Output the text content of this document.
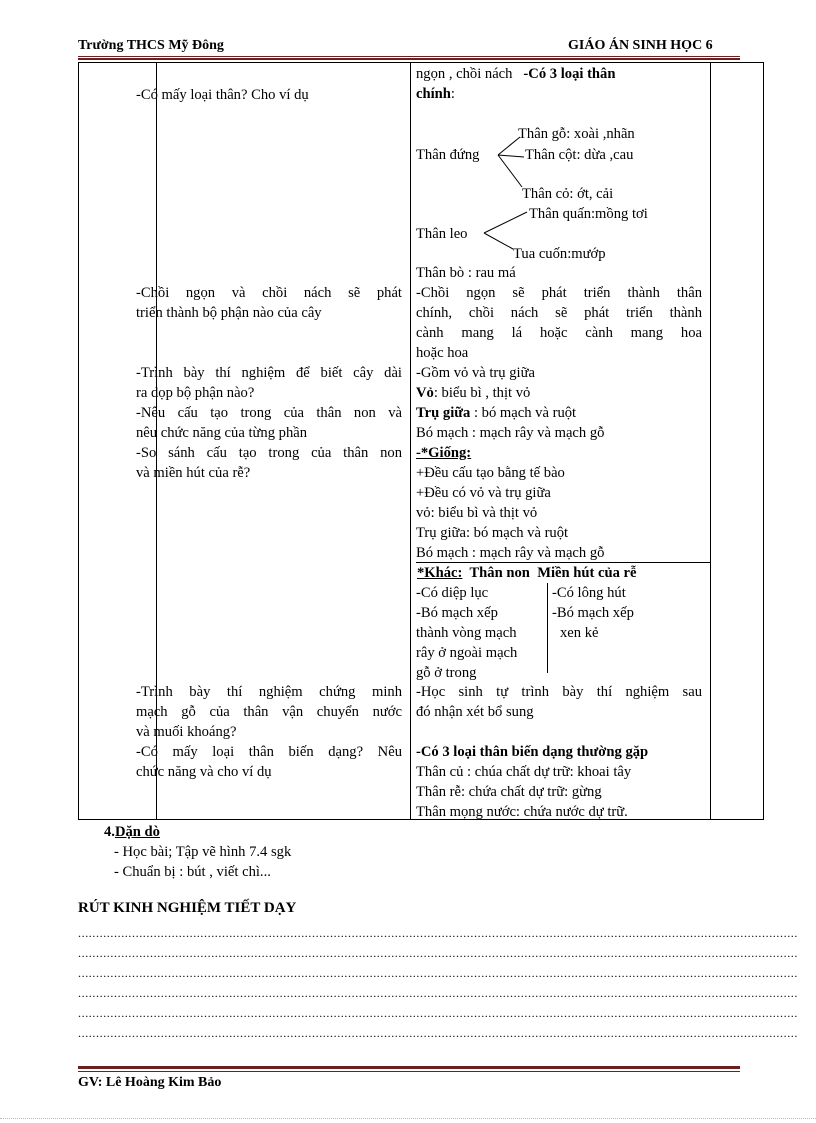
Trường THCS Mỹ Đông	GIÁO ÁN SINH HỌC 6
-Có mấy loại thân? Cho ví dụ
-Chồi ngọn và chồi nách sẽ phát
triển thành bộ phận nào của cây
-Trình bày thí nghiệm để biết cây dài
ra dọp bộ phận nào?
-Nêu cấu tạo trong của thân non và
nêu chức năng của từng phần
-So sánh cấu tạo trong của thân non
và miền hút của rễ?
-Trình bày thí nghiệm chứng minh
mạch gỗ của thân vận chuyển nước
và muối khoáng?
-Có mấy loại thân biến dạng? Nêu
chức năng và cho ví dụ
ngọn , chồi nách -Có 3 loại thân
chính:
Thân gỗ: xoài ,nhãn
Thân đứng	Thân cột: dừa ,cau
Thân cỏ: ớt, cải
Thân quấn:mồng tơi
Thân leo
Tua cuốn:mướp
Thân bò : rau má
-Chồi ngọn sẽ phát triển thành thân
chính, chồi nách sẽ phát triển thành
cành mang lá hoặc cành mang hoa
hoặc hoa
-Gồm vỏ và trụ giữa
Vỏ: biểu bì , thịt vỏ
Trụ giữa : bó mạch và ruột
Bó mạch : mạch rây và mạch gỗ
-*Giống:
+Đều cấu tạo bằng tế bào
+Đều có vỏ và trụ giữa
vỏ: biểu bì và thịt vỏ
Trụ giữa: bó mạch và ruột
Bó mạch : mạch rây và mạch gỗ
*Khác: Thân non Miền hút của rễ
-Có diệp lục
-Bó mạch xếp
thành vòng mạch
rây ở ngoài mạch
gỗ ở trong
-Có lông hút
-Bó mạch xếp
xen kẻ
-Học sinh tự trình bày thí nghiệm sau
đó nhận xét bổ sung
-Có 3 loại thân biến dạng thường gặp
Thân củ : chúa chất dự trữ: khoai tây
Thân rễ: chứa chất dự trữ: gừng
Thân mọng nước: chứa nước dự trữ.
4.Dặn dò
- Học bài; Tập vẽ hình 7.4 sgk
- Chuẩn bị : bút , viết chì...
RÚT KINH NGHIỆM TIẾT DẠY
........................................................................................................................................................................................................
........................................................................................................................................................................................................
........................................................................................................................................................................................................
........................................................................................................................................................................................................
........................................................................................................................................................................................................
........................................................................................................................................................................................................
GV: Lê Hoàng Kim Bảo
